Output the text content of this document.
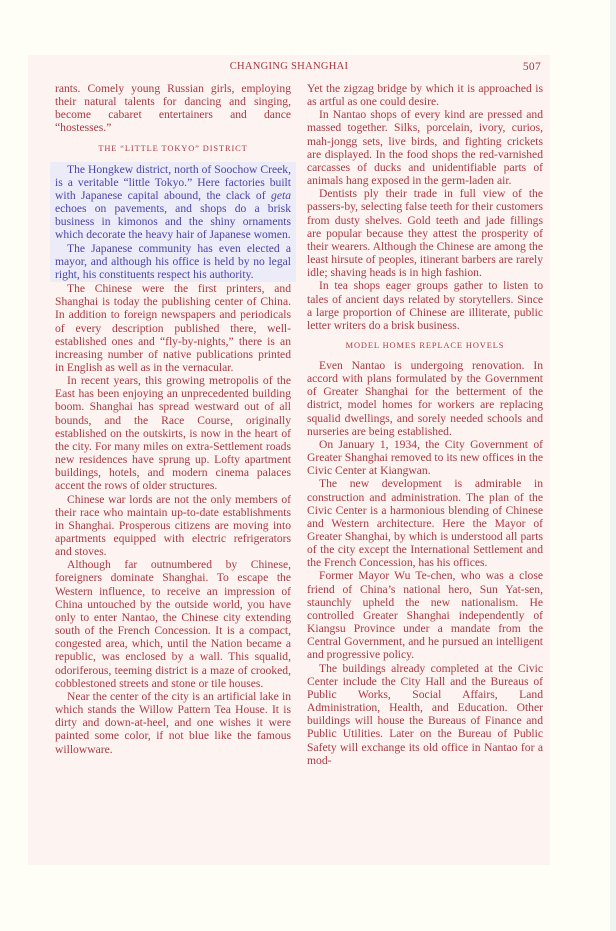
CHANGING SHANGHAI	507

rants. Comely young Russian girls, employing their natural talents for dancing and singing, become cabaret entertainers and dance “hostesses.”

THE “LITTLE TOKYO” DISTRICT

The Hongkew district, north of Soochow Creek, is a veritable “little Tokyo.” Here factories built with Japanese capital abound, the clack of geta echoes on pavements, and shops do a brisk business in kimonos and the shiny ornaments which decorate the heavy hair of Japanese women.

The Japanese community has even elected a mayor, and although his office is held by no legal right, his constituents respect his authority.

The Chinese were the first printers, and Shanghai is today the publishing center of China. In addition to foreign newspapers and periodicals of every description published there, well-established ones and “fly-by-nights,” there is an increasing number of native publications printed in English as well as in the vernacular.

In recent years, this growing metropolis of the East has been enjoying an unprecedented building boom. Shanghai has spread westward out of all bounds, and the Race Course, originally established on the outskirts, is now in the heart of the city. For many miles on extra-Settlement roads new residences have sprung up. Lofty apartment buildings, hotels, and modern cinema palaces accent the rows of older structures.

Chinese war lords are not the only members of their race who maintain up-to-date establishments in Shanghai. Prosperous citizens are moving into apartments equipped with electric refrigerators and stoves.

Although far outnumbered by Chinese, foreigners dominate Shanghai. To escape the Western influence, to receive an impression of China untouched by the outside world, you have only to enter Nantao, the Chinese city extending south of the French Concession. It is a compact, congested area, which, until the Nation became a republic, was enclosed by a wall. This squalid, odoriferous, teeming district is a maze of crooked, cobblestoned streets and stone or tile houses.

Near the center of the city is an artificial lake in which stands the Willow Pattern Tea House. It is dirty and down-at-heel, and one wishes it were painted some color, if not blue like the famous willowware.

Yet the zigzag bridge by which it is approached is as artful as one could desire.

In Nantao shops of every kind are pressed and massed together. Silks, porcelain, ivory, curios, mah-jongg sets, live birds, and fighting crickets are displayed. In the food shops the red-varnished carcasses of ducks and unidentifiable parts of animals hang exposed in the germ-laden air.

Dentists ply their trade in full view of the passers-by, selecting false teeth for their customers from dusty shelves. Gold teeth and jade fillings are popular because they attest the prosperity of their wearers. Although the Chinese are among the least hirsute of peoples, itinerant barbers are rarely idle; shaving heads is in high fashion.

In tea shops eager groups gather to listen to tales of ancient days related by storytellers. Since a large proportion of Chinese are illiterate, public letter writers do a brisk business.

MODEL HOMES REPLACE HOVELS

Even Nantao is undergoing renovation. In accord with plans formulated by the Government of Greater Shanghai for the betterment of the district, model homes for workers are replacing squalid dwellings, and sorely needed schools and nurseries are being established.

On January 1, 1934, the City Government of Greater Shanghai removed to its new offices in the Civic Center at Kiangwan.

The new development is admirable in construction and administration. The plan of the Civic Center is a harmonious blending of Chinese and Western architecture. Here the Mayor of Greater Shanghai, by which is understood all parts of the city except the International Settlement and the French Concession, has his offices.

Former Mayor Wu Te-chen, who was a close friend of China’s national hero, Sun Yat-sen, staunchly upheld the new nationalism. He controlled Greater Shanghai independently of Kiangsu Province under a mandate from the Central Government, and he pursued an intelligent and progressive policy.

The buildings already completed at the Civic Center include the City Hall and the Bureaus of Public Works, Social Affairs, Land Administration, Health, and Education. Other buildings will house the Bureaus of Finance and Public Utilities. Later on the Bureau of Public Safety will exchange its old office in Nantao for a mod-
